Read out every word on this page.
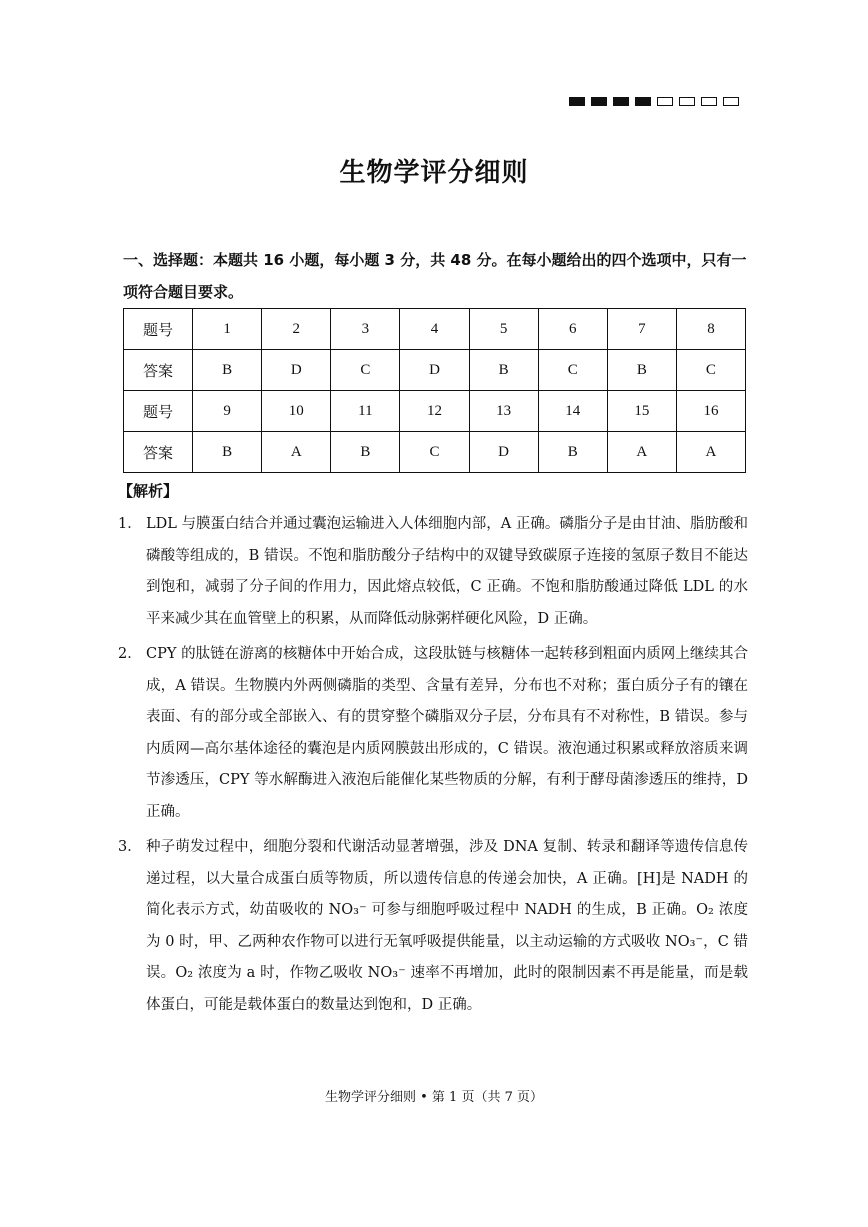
生物学评分细则
一、选择题：本题共 16 小题，每小题 3 分，共 48 分。在每小题给出的四个选项中，只有一项符合题目要求。
题号	1	2	3	4	5	6	7	8
答案	B	D	C	D	B	C	B	C
题号	9	10	11	12	13	14	15	16
答案	B	A	B	C	D	B	A	A
【解析】
1． LDL 与膜蛋白结合并通过囊泡运输进入人体细胞内部，A 正确。磷脂分子是由甘油、脂肪酸和磷酸等组成的，B 错误。不饱和脂肪酸分子结构中的双键导致碳原子连接的氢原子数目不能达到饱和，减弱了分子间的作用力，因此熔点较低，C 正确。不饱和脂肪酸通过降低 LDL 的水平来减少其在血管壁上的积累，从而降低动脉粥样硬化风险，D 正确。
2． CPY 的肽链在游离的核糖体中开始合成，这段肽链与核糖体一起转移到粗面内质网上继续其合成，A 错误。生物膜内外两侧磷脂的类型、含量有差异，分布也不对称；蛋白质分子有的镶在表面、有的部分或全部嵌入、有的贯穿整个磷脂双分子层，分布具有不对称性，B 错误。参与内质网—高尔基体途径的囊泡是内质网膜鼓出形成的，C 错误。液泡通过积累或释放溶质来调节渗透压，CPY 等水解酶进入液泡后能催化某些物质的分解，有利于酵母菌渗透压的维持，D 正确。
3． 种子萌发过程中，细胞分裂和代谢活动显著增强，涉及 DNA 复制、转录和翻译等遗传信息传递过程，以大量合成蛋白质等物质，所以遗传信息的传递会加快，A 正确。[H]是 NADH 的简化表示方式，幼苗吸收的 NO₃⁻ 可参与细胞呼吸过程中 NADH 的生成，B 正确。O₂ 浓度为 0 时，甲、乙两种农作物可以进行无氧呼吸提供能量，以主动运输的方式吸收 NO₃⁻，C 错误。O₂ 浓度为 a 时，作物乙吸收 NO₃⁻ 速率不再增加，此时的限制因素不再是能量，而是载体蛋白，可能是载体蛋白的数量达到饱和，D 正确。
生物学评分细则 • 第 1 页（共 7 页）
